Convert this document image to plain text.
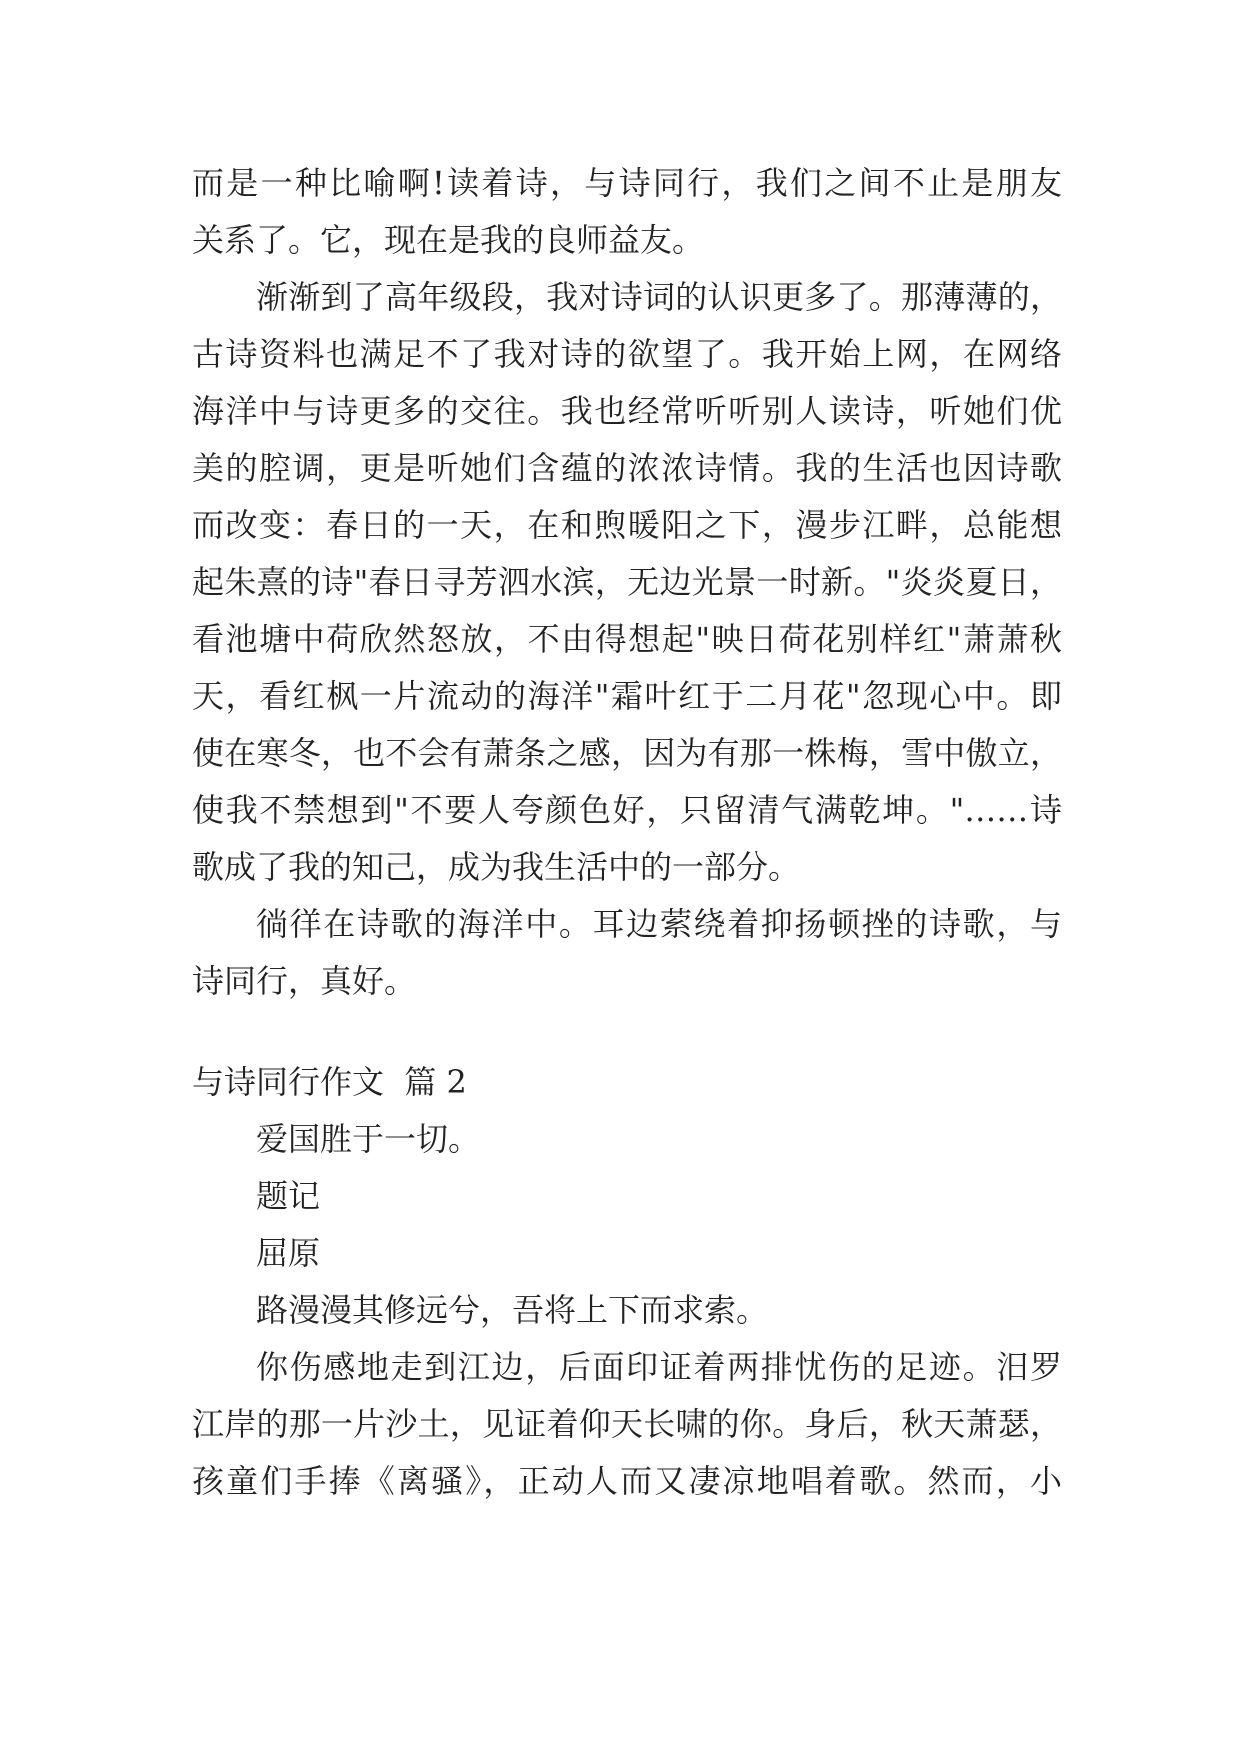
而是一种比喻啊!读着诗，与诗同行，我们之间不止是朋友
关系了。它，现在是我的良师益友。
渐渐到了高年级段，我对诗词的认识更多了。那薄薄的，
古诗资料也满足不了我对诗的欲望了。我开始上网，在网络
海洋中与诗更多的交往。我也经常听听别人读诗，听她们优
美的腔调，更是听她们含蕴的浓浓诗情。我的生活也因诗歌
而改变：春日的一天，在和煦暖阳之下，漫步江畔，总能想
起朱熹的诗"春日寻芳泗水滨，无边光景一时新。"炎炎夏日，
看池塘中荷欣然怒放，不由得想起"映日荷花别样红"萧萧秋
天，看红枫一片流动的海洋"霜叶红于二月花"忽现心中。即
使在寒冬，也不会有萧条之感，因为有那一株梅，雪中傲立，
使我不禁想到"不要人夸颜色好，只留清气满乾坤。"……诗
歌成了我的知己，成为我生活中的一部分。
徜徉在诗歌的海洋中。耳边萦绕着抑扬顿挫的诗歌，与
诗同行，真好。
与诗同行作文  篇 2
爱国胜于一切。
题记
屈原
路漫漫其修远兮，吾将上下而求索。
你伤感地走到江边，后面印证着两排忧伤的足迹。汨罗
江岸的那一片沙土，见证着仰天长啸的你。身后，秋天萧瑟，
孩童们手捧《离骚》，正动人而又凄凉地唱着歌。然而，小
